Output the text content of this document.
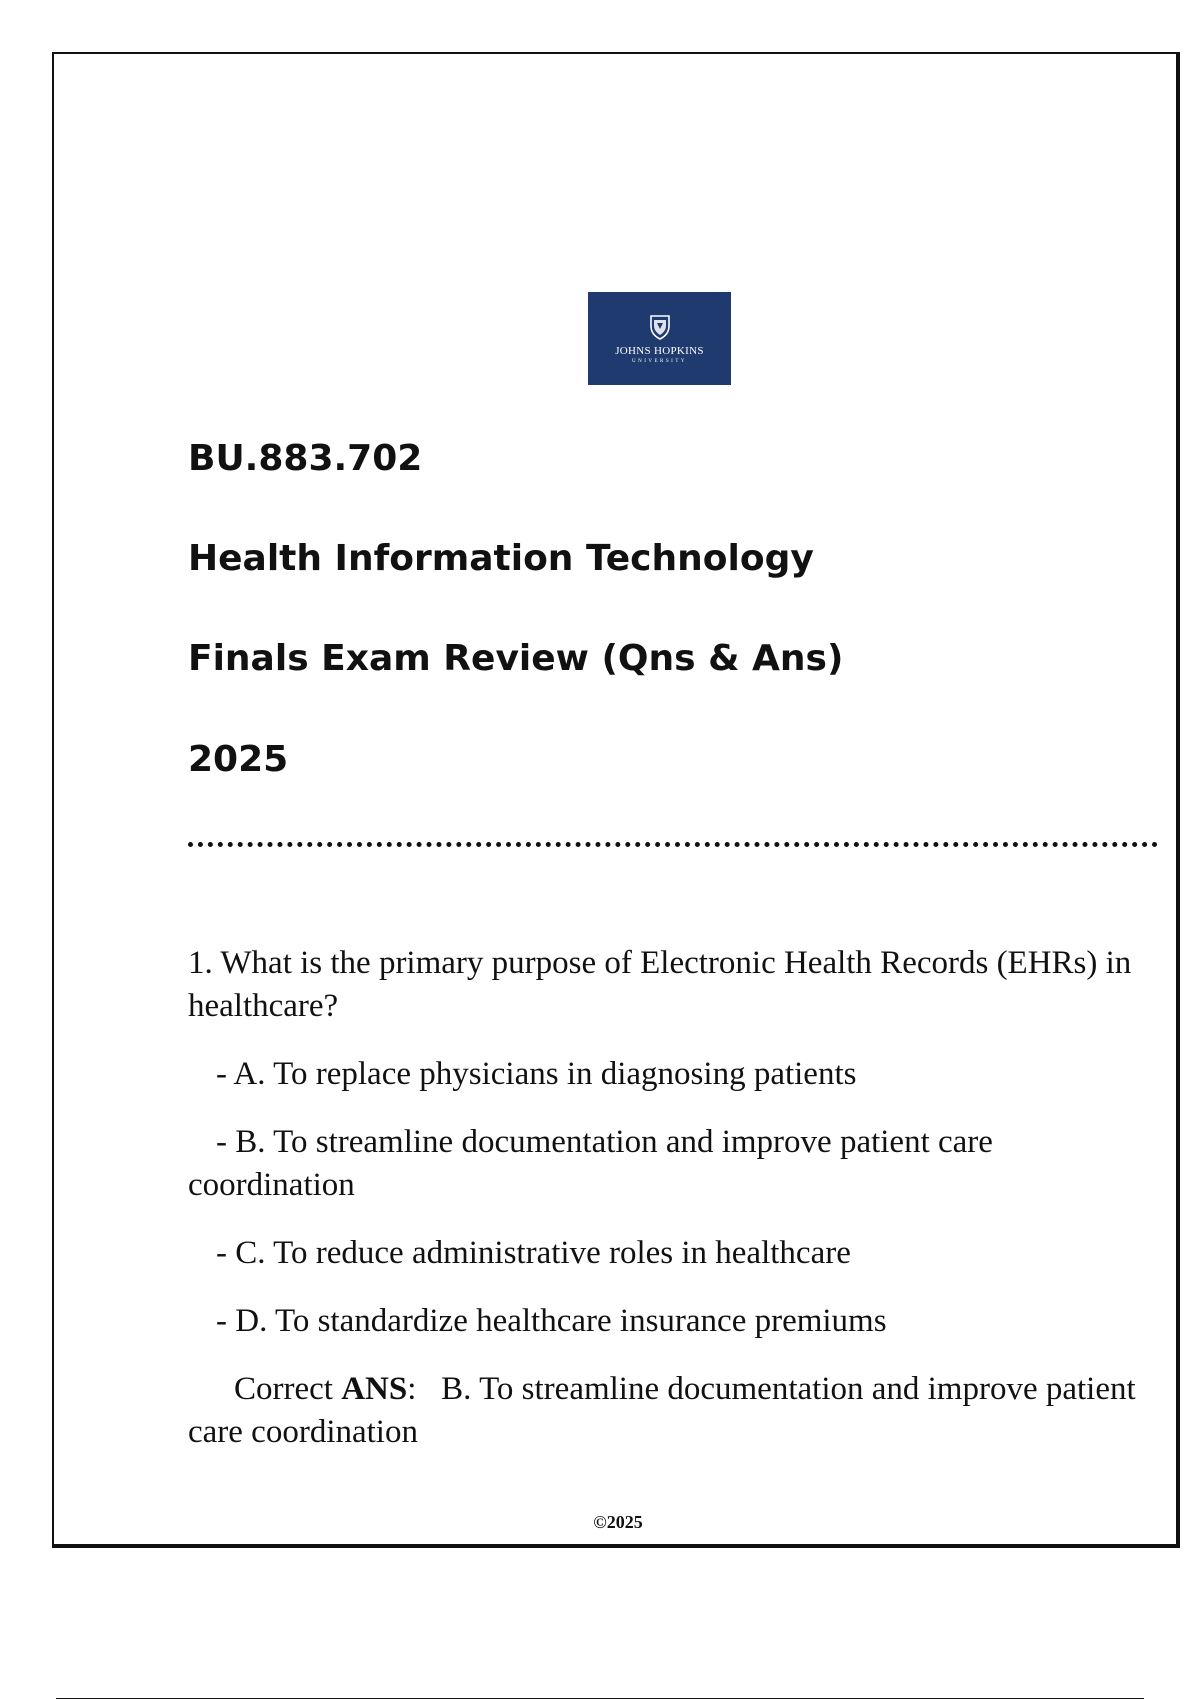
JOHNS HOPKINS
UNIVERSITY
BU.883.702
Health Information Technology
Finals Exam Review (Qns & Ans)
2025

1. What is the primary purpose of Electronic Health Records (EHRs) in healthcare?

- A. To replace physicians in diagnosing patients

- B. To streamline documentation and improve patient care coordination

- C. To reduce administrative roles in healthcare

- D. To standardize healthcare insurance premiums

Correct ANS: B. To streamline documentation and improve patient care coordination

©2025
